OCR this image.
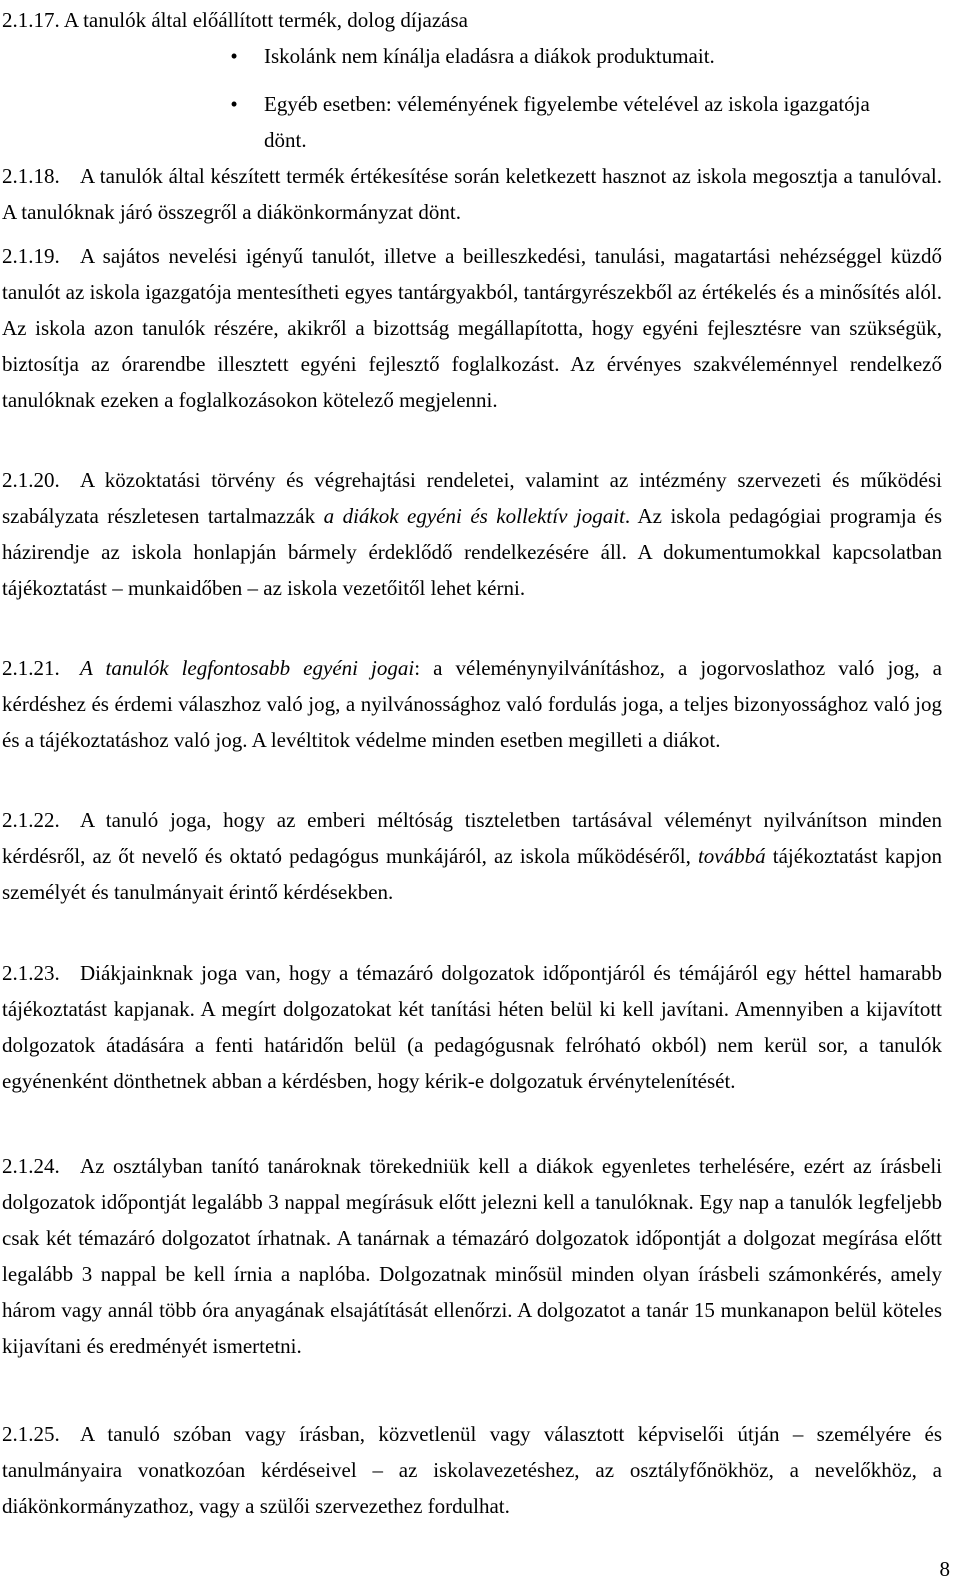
2.1.17. A tanulók által előállított termék, dolog díjazása
•	Iskolánk nem kínálja eladásra a diákok produktumait.
•	Egyéb esetben: véleményének figyelembe vételével az iskola igazgatója dönt.
2.1.18. A tanulók által készített termék értékesítése során keletkezett hasznot az iskola megosztja a tanulóval. A tanulóknak járó összegről a diákönkormányzat dönt.
2.1.19. A sajátos nevelési igényű tanulót, illetve a beilleszkedési, tanulási, magatartási nehézséggel küzdő tanulót az iskola igazgatója mentesítheti egyes tantárgyakból, tantárgyrészekből az értékelés és a minősítés alól. Az iskola azon tanulók részére, akikről a bizottság megállapította, hogy egyéni fejlesztésre van szükségük, biztosítja az órarendbe illesztett egyéni fejlesztő foglalkozást. Az érvényes szakvéleménnyel rendelkező tanulóknak ezeken a foglalkozásokon kötelező megjelenni.
2.1.20. A közoktatási törvény és végrehajtási rendeletei, valamint az intézmény szervezeti és működési szabályzata részletesen tartalmazzák a diákok egyéni és kollektív jogait. Az iskola pedagógiai programja és házirendje az iskola honlapján bármely érdeklődő rendelkezésére áll. A dokumentumokkal kapcsolatban tájékoztatást – munkaidőben – az iskola vezetőitől lehet kérni.
2.1.21. A tanulók legfontosabb egyéni jogai: a véleménynyilvánításhoz, a jogorvoslathoz való jog, a kérdéshez és érdemi válaszhoz való jog, a nyilvánossághoz való fordulás joga, a teljes bizonyossághoz való jog és a tájékoztatáshoz való jog. A levéltitok védelme minden esetben megilleti a diákot.
2.1.22. A tanuló joga, hogy az emberi méltóság tiszteletben tartásával véleményt nyilvánítson minden kérdésről, az őt nevelő és oktató pedagógus munkájáról, az iskola működéséről, továbbá tájékoztatást kapjon személyét és tanulmányait érintő kérdésekben.
2.1.23. Diákjainknak joga van, hogy a témazáró dolgozatok időpontjáról és témájáról egy héttel hamarabb tájékoztatást kapjanak. A megírt dolgozatokat két tanítási héten belül ki kell javítani. Amennyiben a kijavított dolgozatok átadására a fenti határidőn belül (a pedagógusnak felróható okból) nem kerül sor, a tanulók egyénenként dönthetnek abban a kérdésben, hogy kérik-e dolgozatuk érvénytelenítését.
2.1.24. Az osztályban tanító tanároknak törekedniük kell a diákok egyenletes terhelésére, ezért az írásbeli dolgozatok időpontját legalább 3 nappal megírásuk előtt jelezni kell a tanulóknak. Egy nap a tanulók legfeljebb csak két témazáró dolgozatot írhatnak. A tanárnak a témazáró dolgozatok időpontját a dolgozat megírása előtt legalább 3 nappal be kell írnia a naplóba. Dolgozatnak minősül minden olyan írásbeli számonkérés, amely három vagy annál több óra anyagának elsajátítását ellenőrzi. A dolgozatot a tanár 15 munkanapon belül köteles kijavítani és eredményét ismertetni.
2.1.25. A tanuló szóban vagy írásban, közvetlenül vagy választott képviselői útján – személyére és tanulmányaira vonatkozóan kérdéseivel – az iskolavezetéshez, az osztályfőnökhöz, a nevelőkhöz, a diákönkormányzathoz, vagy a szülői szervezethez fordulhat.
8
